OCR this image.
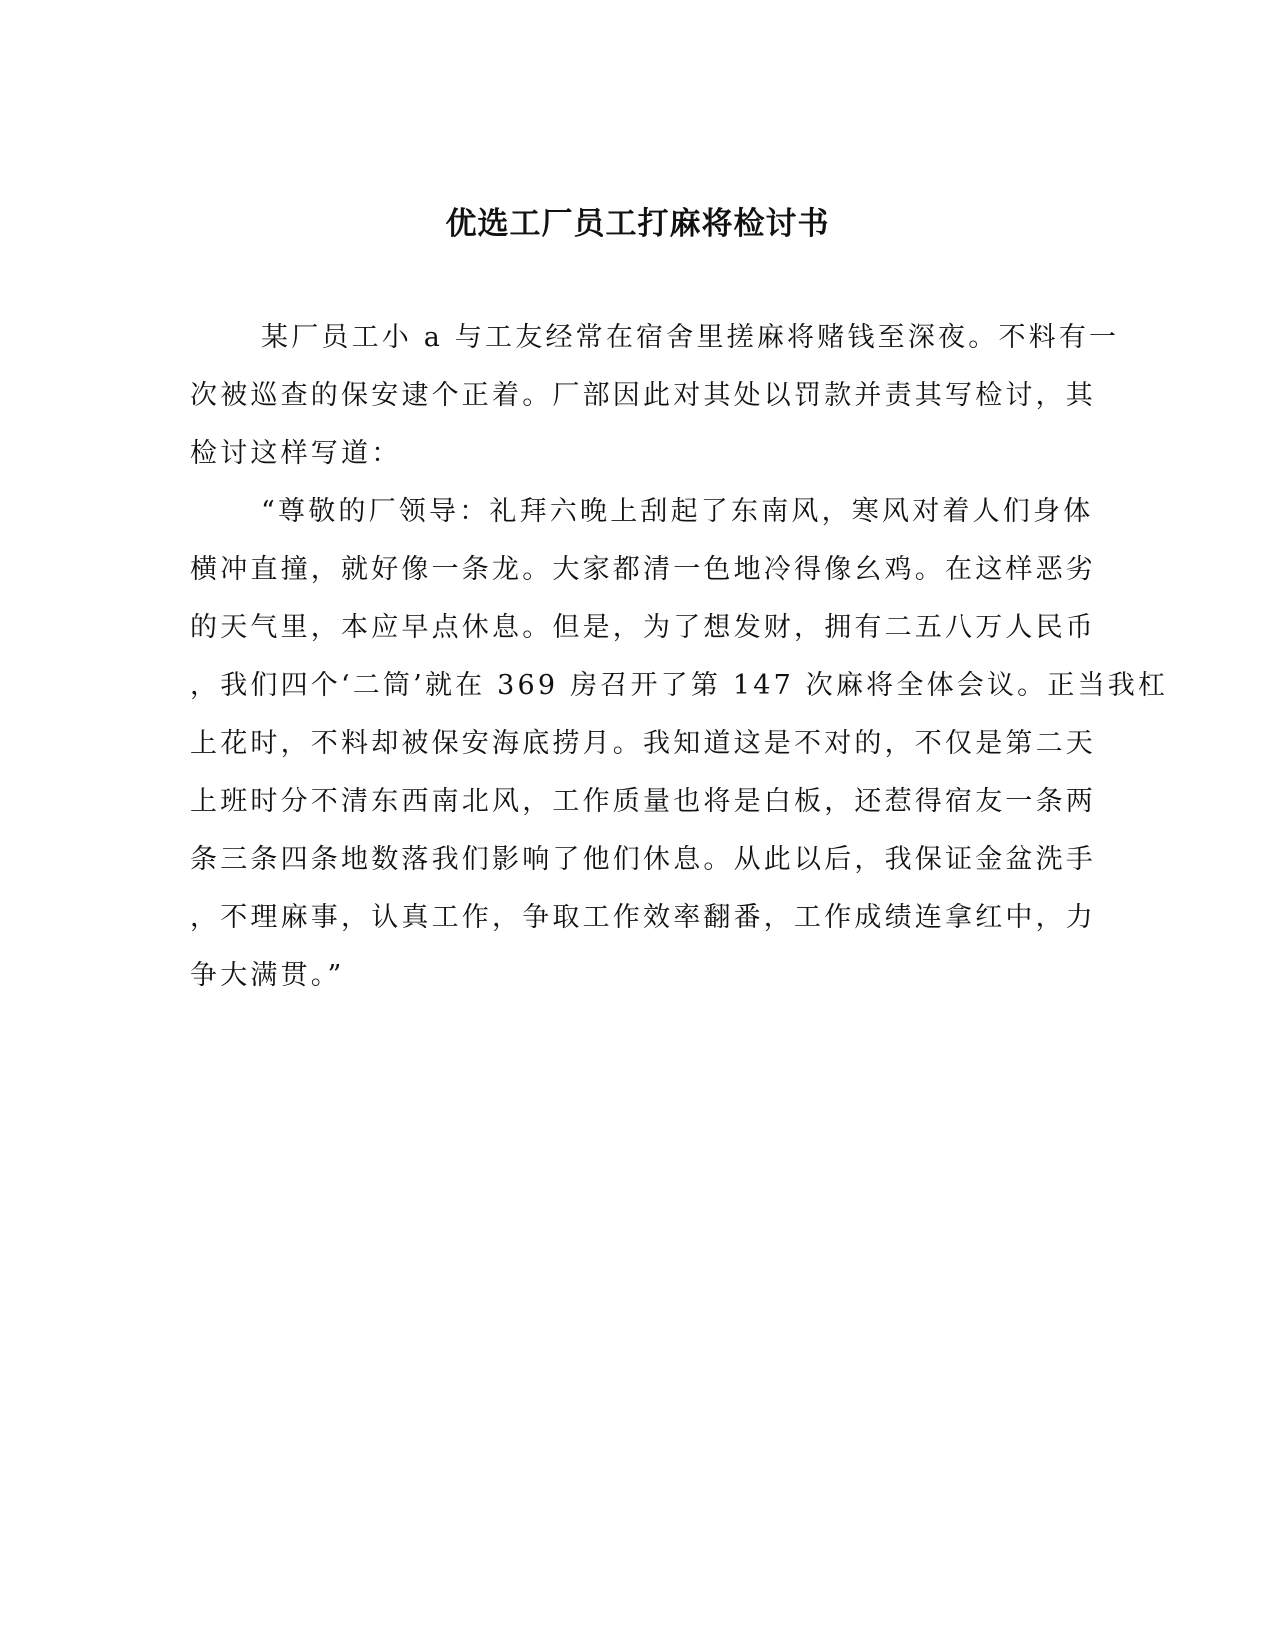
优选工厂员工打麻将检讨书

某厂员工小 a 与工友经常在宿舍里搓麻将赌钱至深夜。不料有一

次被巡查的保安逮个正着。厂部因此对其处以罚款并责其写检讨，其

检讨这样写道：

“尊敬的厂领导：礼拜六晚上刮起了东南风，寒风对着人们身体

横冲直撞，就好像一条龙。大家都清一色地冷得像幺鸡。在这样恶劣

的天气里，本应早点休息。但是，为了想发财，拥有二五八万人民币

，我们四个‘二筒’就在 369 房召开了第 147 次麻将全体会议。正当我杠

上花时，不料却被保安海底捞月。我知道这是不对的，不仅是第二天

上班时分不清东西南北风，工作质量也将是白板，还惹得宿友一条两

条三条四条地数落我们影响了他们休息。从此以后，我保证金盆洗手

，不理麻事，认真工作，争取工作效率翻番，工作成绩连拿红中，力

争大满贯。”
